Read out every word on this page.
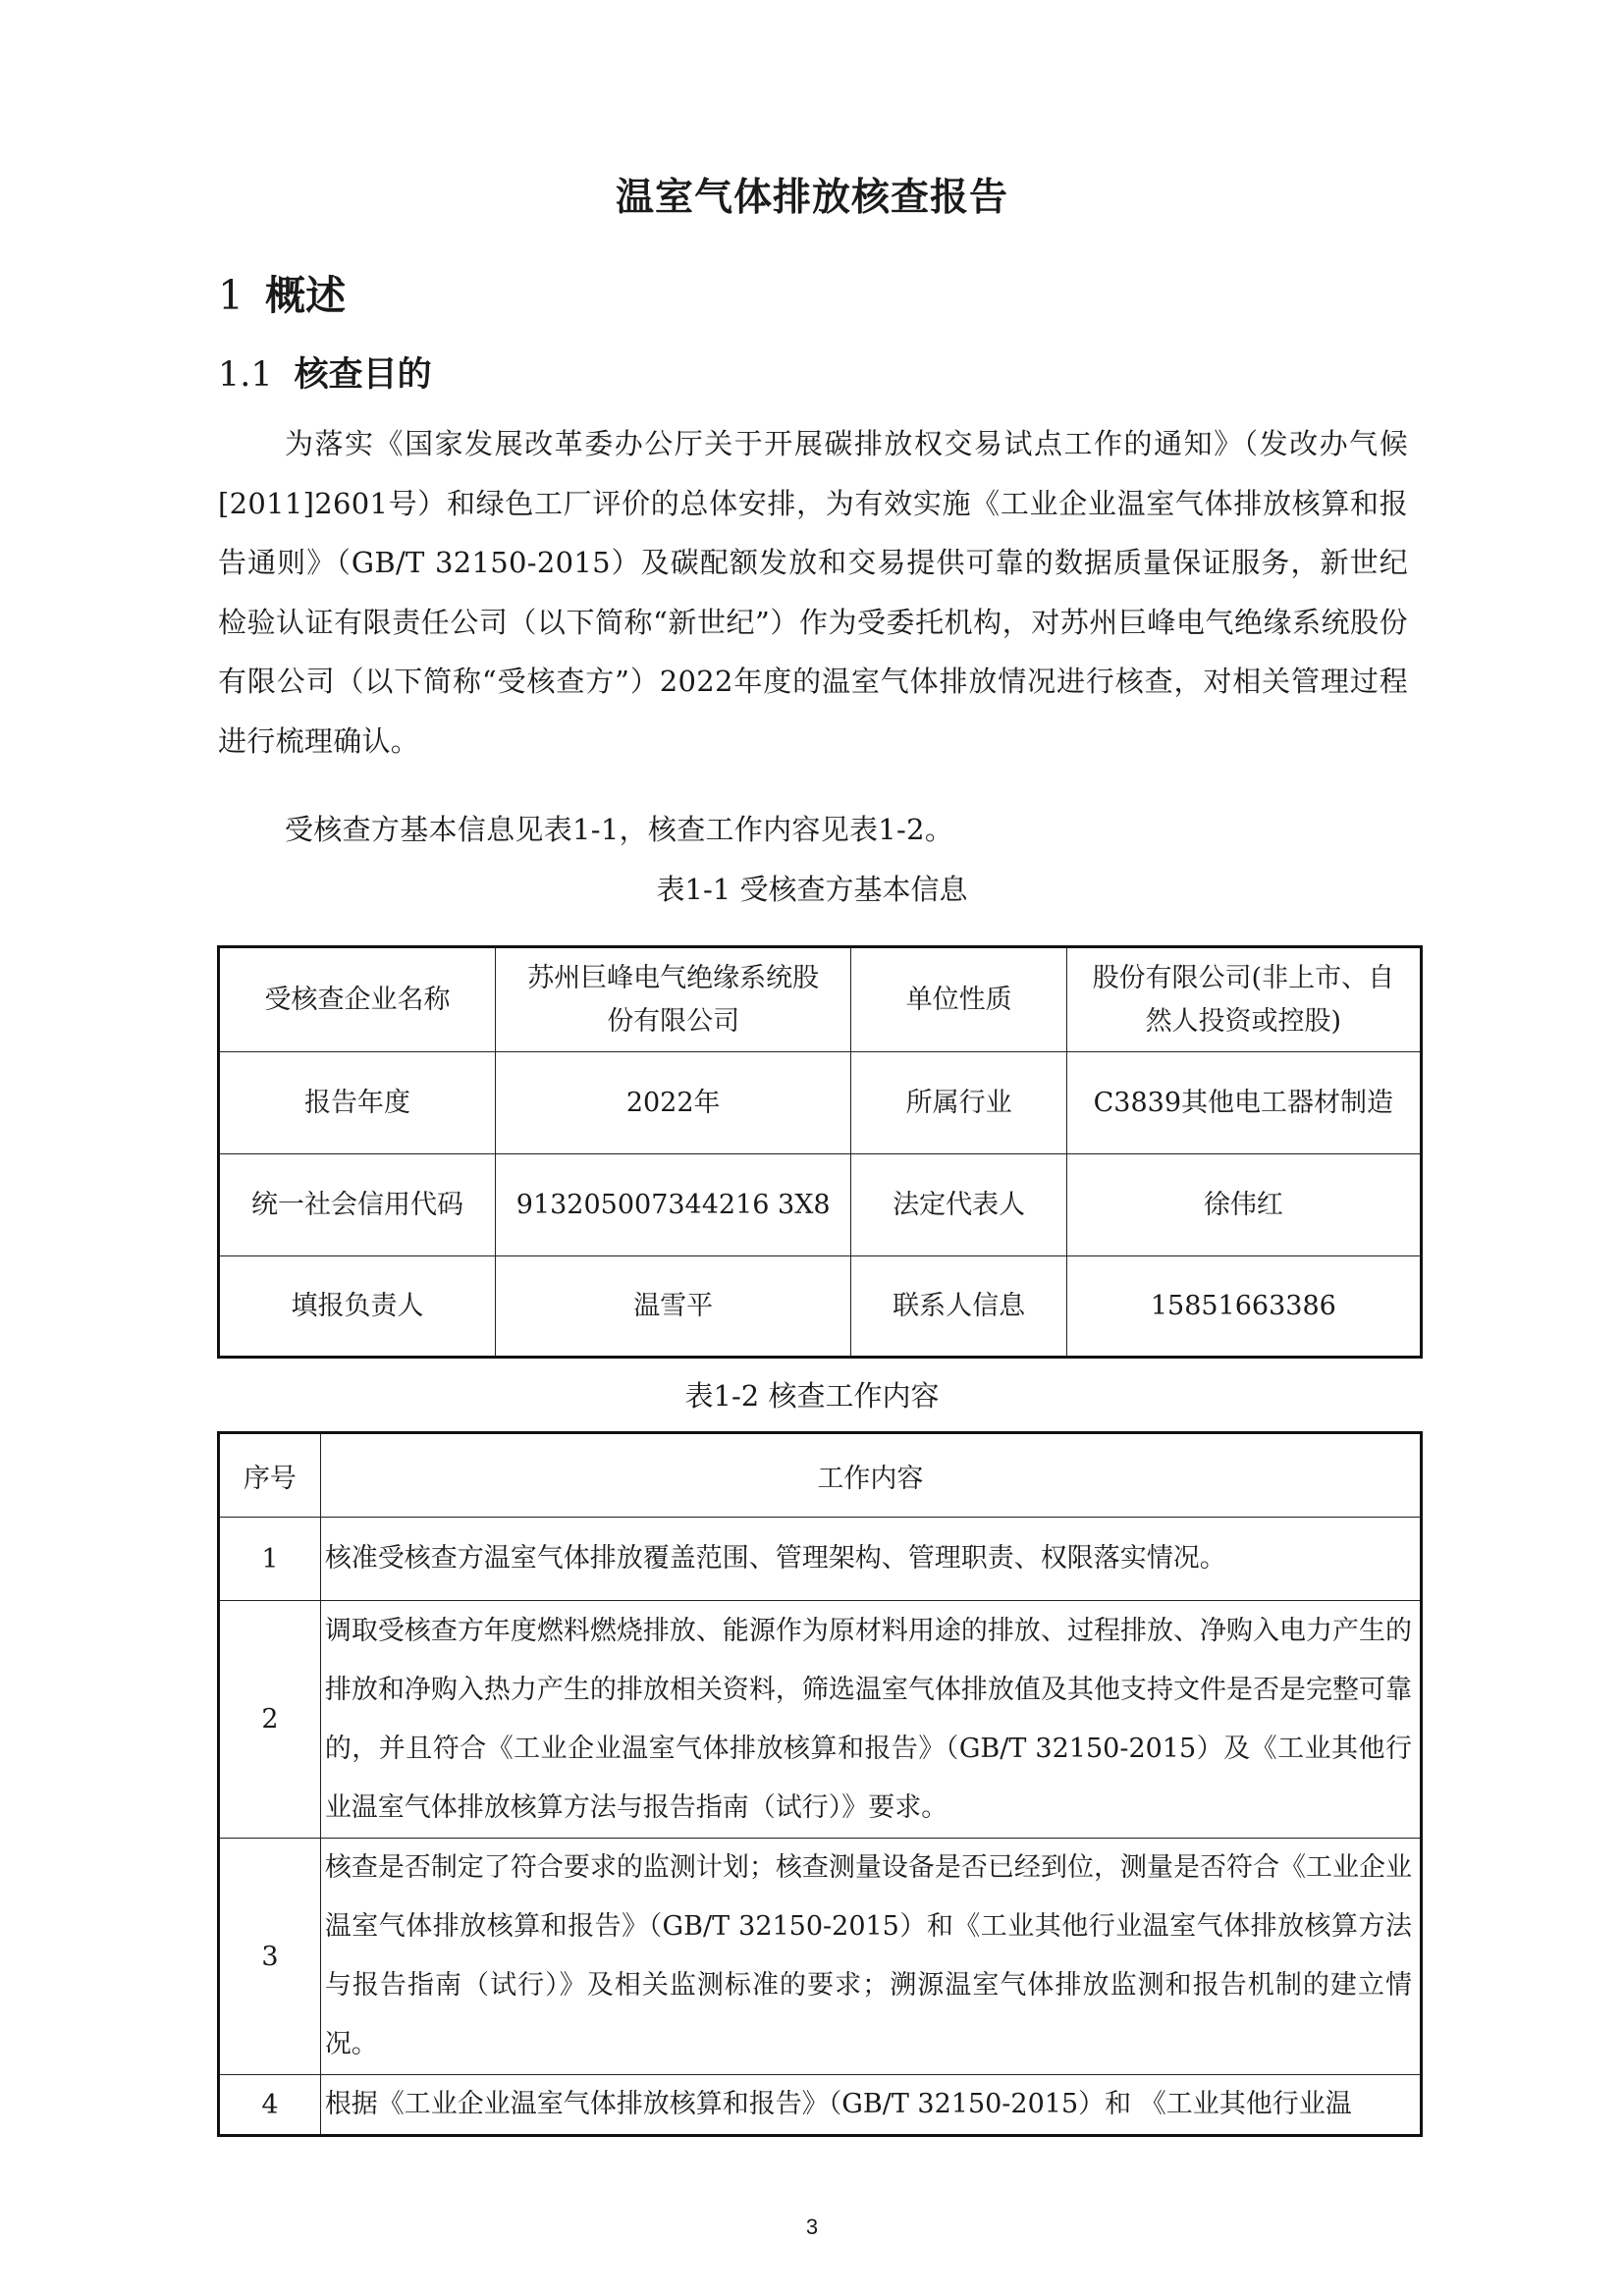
温室气体排放核查报告
1 概述
1.1 核查目的

为落实《国家发展改革委办公厅关于开展碳排放权交易试点工作的通知》（发改办气候[2011]2601号）和绿色工厂评价的总体安排，为有效实施《工业企业温室气体排放核算和报告通则》（GB/T 32150-2015）及碳配额发放和交易提供可靠的数据质量保证服务，新世纪检验认证有限责任公司（以下简称“新世纪”）作为受委托机构，对苏州巨峰电气绝缘系统股份有限公司（以下简称“受核查方”）2022年度的温室气体排放情况进行核查，对相关管理过程进行梳理确认。

受核查方基本信息见表1-1，核查工作内容见表1-2。

表1-1 受核查方基本信息
受核查企业名称	苏州巨峰电气绝缘系统股份有限公司	单位性质	股份有限公司(非上市、自然人投资或控股)
报告年度	2022年	所属行业	C3839其他电工器材制造
统一社会信用代码	913205007344216 3X8	法定代表人	徐伟红
填报负责人	温雪平	联系人信息	15851663386
表1-2 核查工作内容
序号	工作内容
1	核准受核查方温室气体排放覆盖范围、管理架构、管理职责、权限落实情况。
2	调取受核查方年度燃料燃烧排放、能源作为原材料用途的排放、过程排放、净购入电力产生的排放和净购入热力产生的排放相关资料，筛选温室气体排放值及其他支持文件是否是完整可靠的，并且符合《工业企业温室气体排放核算和报告》（GB/T 32150-2015）及《工业其他行业温室气体排放核算方法与报告指南（试行）》要求。
3	核查是否制定了符合要求的监测计划；核查测量设备是否已经到位，测量是否符合《工业企业温室气体排放核算和报告》（GB/T 32150-2015）和《工业其他行业温室气体排放核算方法与报告指南（试行）》及相关监测标准的要求；溯源温室气体排放监测和报告机制的建立情况。
4	根据《工业企业温室气体排放核算和报告》（GB/T 32150-2015）和 《工业其他行业温
3
